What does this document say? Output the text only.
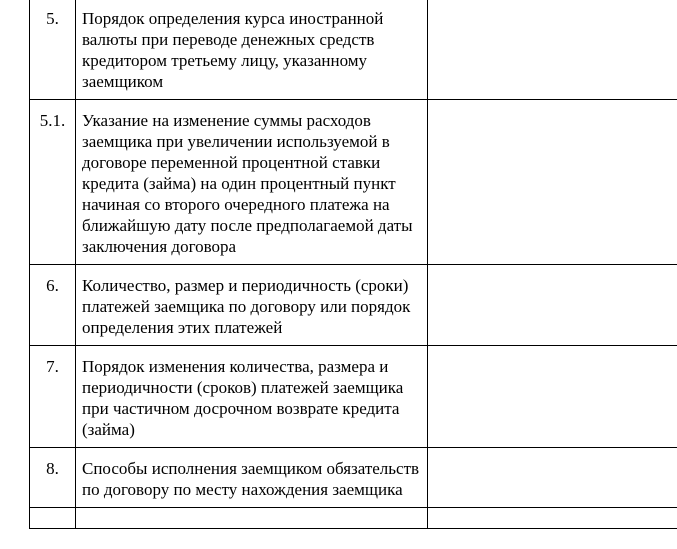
5.	Порядок определения курса иностранной валюты при переводе денежных средств кредитором третьему лицу, указанному заемщиком	
5.1.	Указание на изменение суммы расходов заемщика при увеличении используемой в договоре переменной процентной ставки кредита (займа) на один процентный пункт начиная со второго очередного платежа на ближайшую дату после предполагаемой даты заключения договора	
6.	Количество, размер и периодичность (сроки) платежей заемщика по договору или порядок определения этих платежей	
7.	Порядок изменения количества, размера и периодичности (сроков) платежей заемщика при частичном досрочном возврате кредита (займа)	
8.	Способы исполнения заемщиком обязательств по договору по месту нахождения заемщика	
